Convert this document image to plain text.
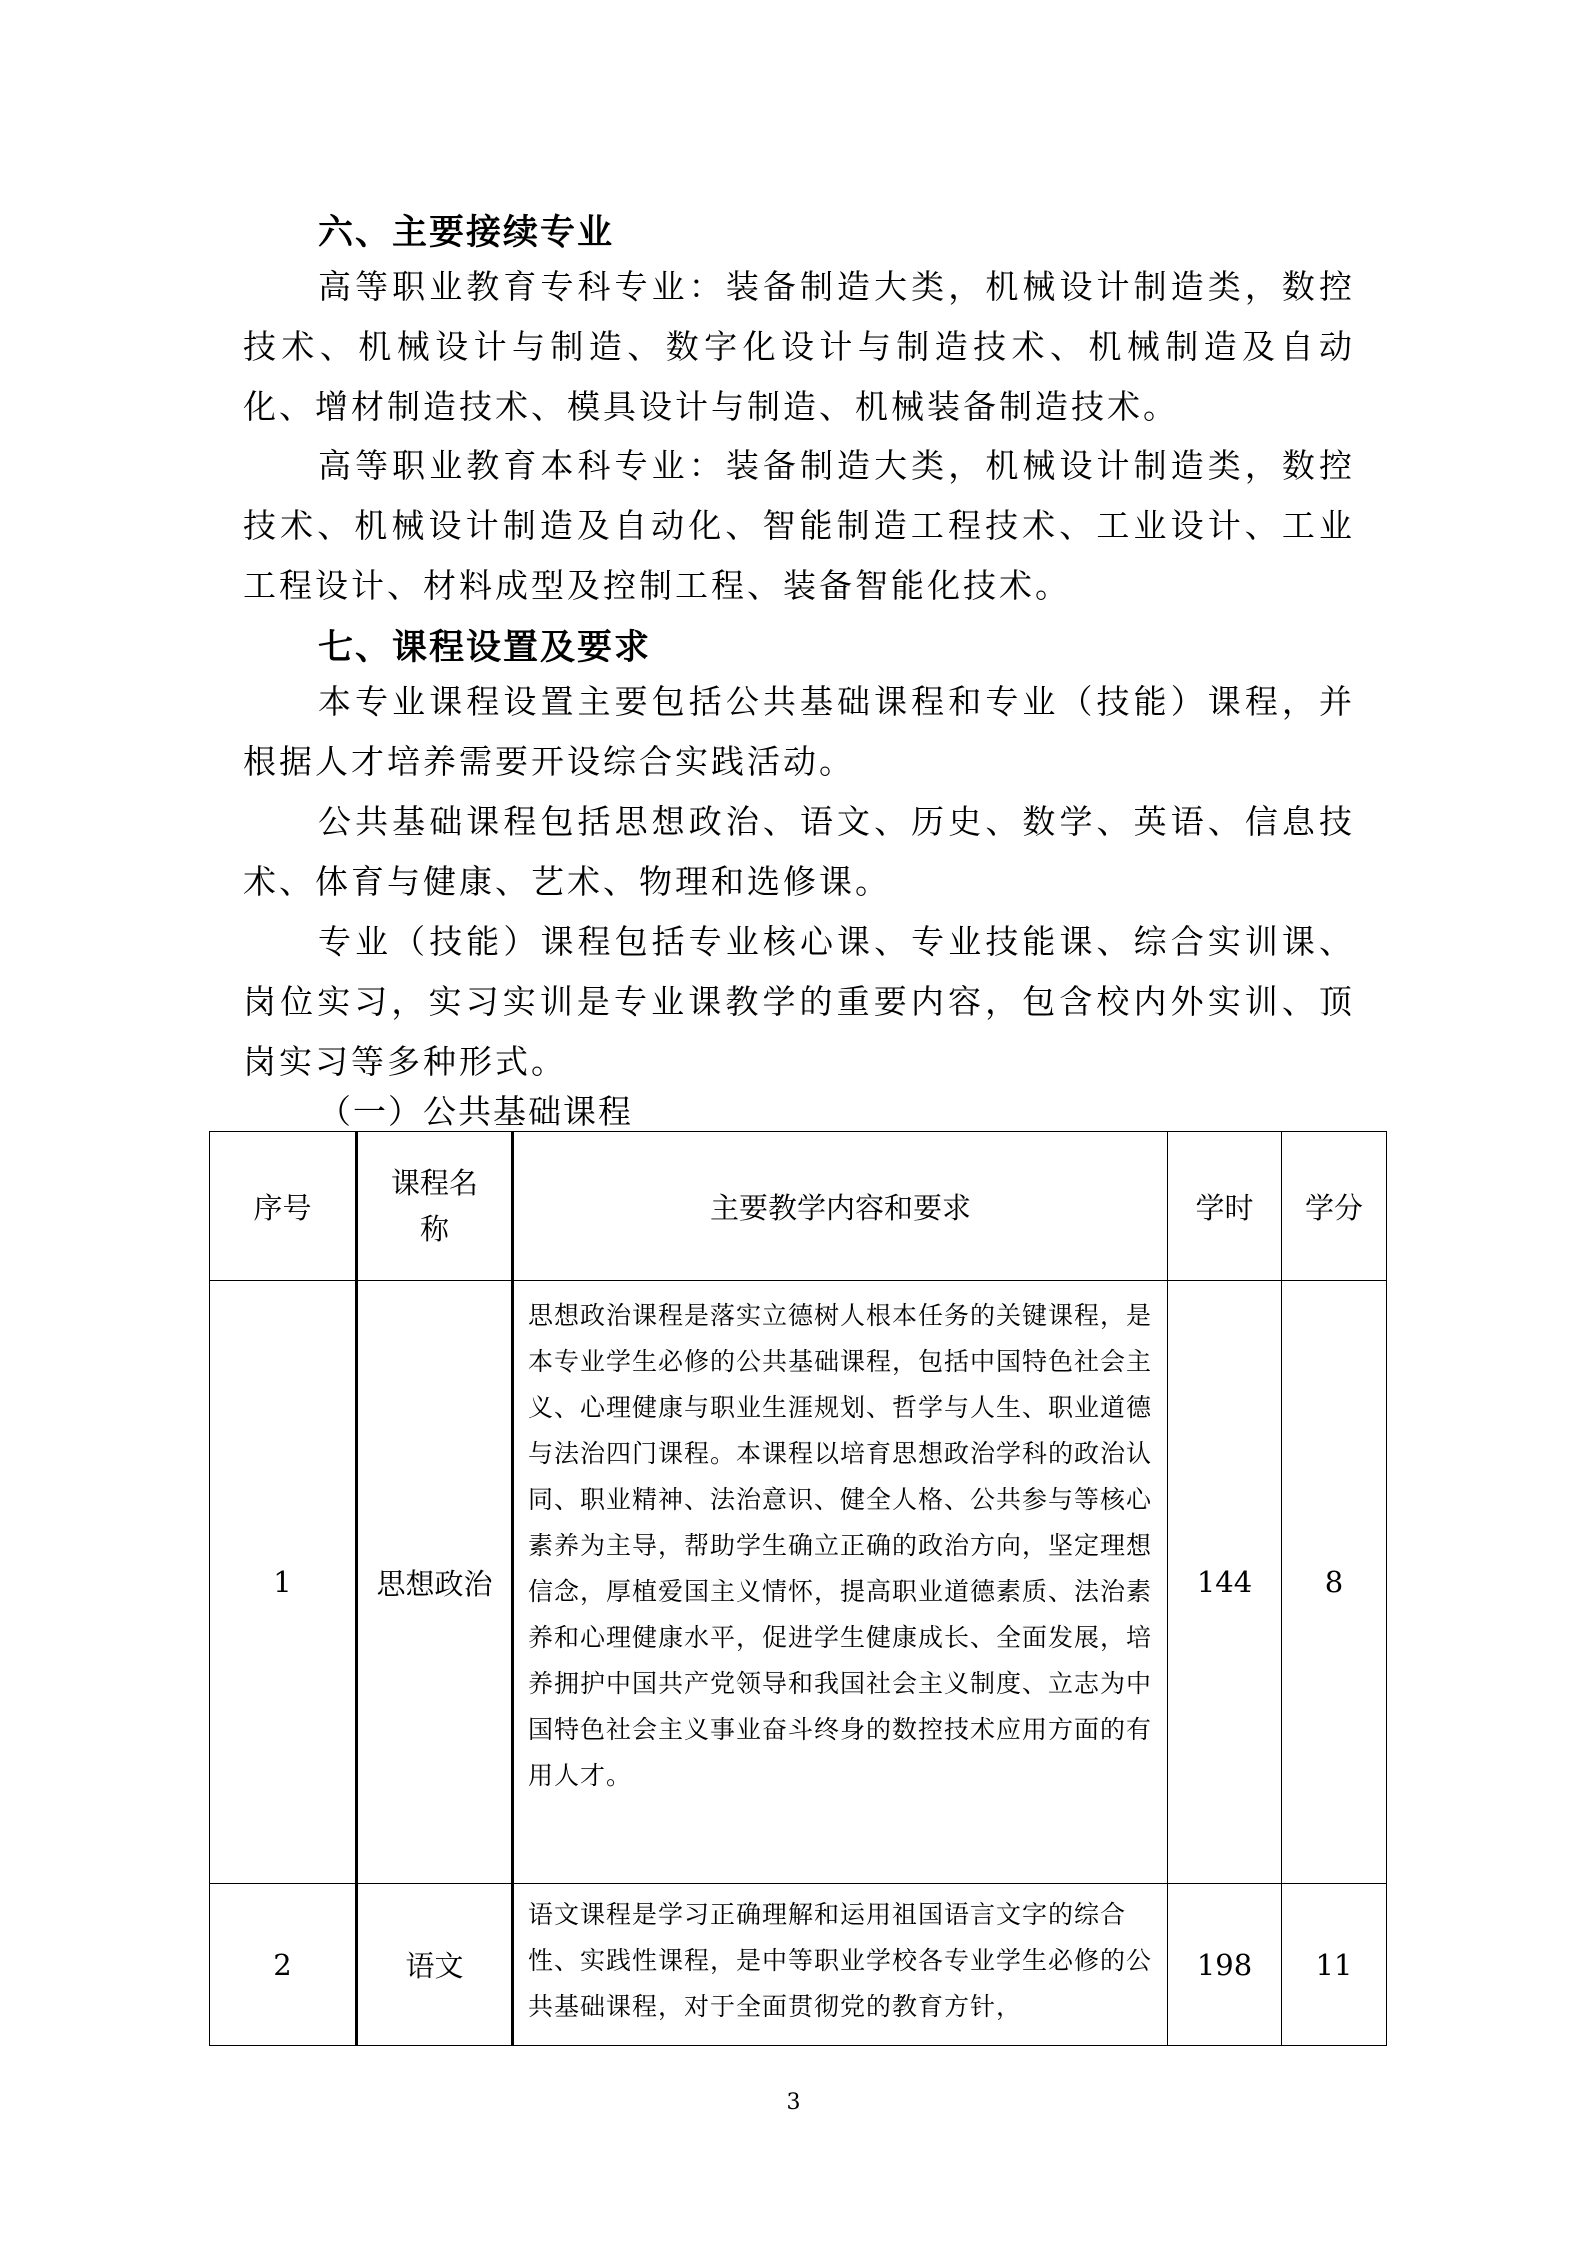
六、主要接续专业
高等职业教育专科专业：装备制造大类，机械设计制造类，数控技术、机械设计与制造、数字化设计与制造技术、机械制造及自动化、增材制造技术、模具设计与制造、机械装备制造技术。
高等职业教育本科专业：装备制造大类，机械设计制造类，数控技术、机械设计制造及自动化、智能制造工程技术、工业设计、工业工程设计、材料成型及控制工程、装备智能化技术。
七、课程设置及要求
本专业课程设置主要包括公共基础课程和专业（技能）课程，并根据人才培养需要开设综合实践活动。
公共基础课程包括思想政治、语文、历史、数学、英语、信息技术、体育与健康、艺术、物理和选修课。
专业（技能）课程包括专业核心课、专业技能课、综合实训课、岗位实习，实习实训是专业课教学的重要内容，包含校内外实训、顶岗实习等多种形式。
（一）公共基础课程
序号	课程名称	主要教学内容和要求	学时	学分
1	思想政治	思想政治课程是落实立德树人根本任务的关键课程，是本专业学生必修的公共基础课程，包括中国特色社会主义、心理健康与职业生涯规划、哲学与人生、职业道德与法治四门课程。本课程以培育思想政治学科的政治认同、职业精神、法治意识、健全人格、公共参与等核心素养为主导，帮助学生确立正确的政治方向，坚定理想信念，厚植爱国主义情怀，提高职业道德素质、法治素养和心理健康水平，促进学生健康成长、全面发展，培养拥护中国共产党领导和我国社会主义制度、立志为中国特色社会主义事业奋斗终身的数控技术应用方面的有用人才。	144	8
2	语文	语文课程是学习正确理解和运用祖国语言文字的综合性、实践性课程，是中等职业学校各专业学生必修的公共基础课程，对于全面贯彻党的教育方针，	198	11
3
